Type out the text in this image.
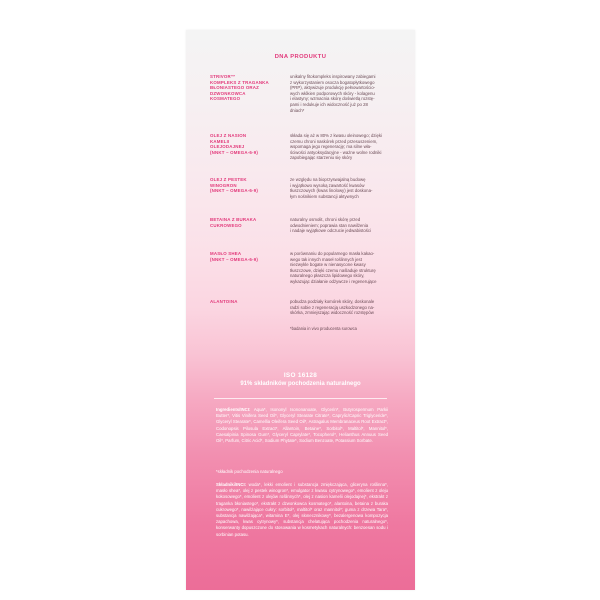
DNA PRODUKTU
STRIVOR™
KOMPLEKS Z TRAGANKA
BŁONIASTEGO ORAZ
DZWONKOWCA
KOSMATEGO
unikalny fitokompleks inspirowany zabiegami
z wykorzystaniem osocza bogatopłytkowego
(PRP), aktywizuje produkcję pełnowartościo-
wych włókien podporowych skóry - kolagenu
i elastyny; wzmacnia skórę doświetlą rozstę-
pami i redukuje ich widoczność już po 28
dniach*
OLEJ Z NASION
KAMELII
OLEJODAJNEJ
(NNKT – OMEGA-6-9)
składa się aż w 80% z kwasu oleinowego; dzięki
czemu chroni naskórek przed przesuszeniem,
wspomaga jego regenerację; ma silne wła-
ściwości antyoksydacyjne - ważne wolne rodniki
zapobiegając starzeniu się skóry
OLEJ Z PESTEK
WINOGRON
(NNKT – OMEGA-6-9)
ze względu na bioprzyswajalną budowę
i wyjątkowo wysoką zawartość kwasów
tłuszczowych (kwas linolowy) jest doskona-
łym nośnikiem substancji aktywnych
BETAINA Z BURAKA
CUKROWEGO
naturalny osmolit, chroni skórę przed
odwodnieniem; poprawia stan nawilżenia
i nadaje wyjątkowe odczucie jedwabistości
MASŁO SHEA
(NNKT – OMEGA-6-9)
w porównaniu do popularnego masła kakao-
wego tak innych maseł roślinnych jest
niezwykle bogate w nienasycone kwasy
tłuszczowe, dzięki czemu naśladuje strukturę
naturalnego płaszcza lipidowego skóry,
wykazując działanie odżywcze i regenerujące
ALANTOINA	pobudza podziały komórek skóry, doskonale
radzi sobie z regeneracją uszkodzonego na-
skórka, zmniejszając widoczność rozstępów
*badania in vivo producenta surowca
ISO 16128
91% składników pochodzenia naturalnego
Ingredients/INCI: Aqua*, Isononyl Isononanoate, Glycerin*, Butyrospermum Parkii Butter*, Vitis Vinifera Seed Oil*, Glyceryl Stearate Citrate*, Caprylic/Capric Triglyceride*, Glyceryl Stearate*, Camellia Oleifera Seed Oil*, Astragalus Membranaceus Root Extract*, Codonopsis Pilosula Extract*, Allantoin, Betaine*, Sorbitol*, Maltitol*, Mannitol*, Caesalpinia Spinosa Gum*, Glyceryl Caprylate*, Tocopherol*, Helianthus Annuus Seed Oil*, Parfum, Citric Acid*, Sodium Phytate*, Sodium Benzoate, Potassium Sorbate.
*składnik pochodzenia naturalnego
Składniki/INCI: woda*, lekki emolient i substancja zmiękczająca, gliceryna roślinna*, masło shea*, olej z pestek winogron*, emulgator z kwasu cytrynowego*, emolient z oleju kokosowego*, emolient z olejów roślinnych*, olej z nasion kamelii olejodajnej*, ekstrakt z traganka błoniastego*, ekstrakt z dzwonkowca kosmatego*, alantoina, betaina z buraka cukrowego*, nawilżające cukry: sorbitol*, maltitol* oraz mannitol*; guma z drzewa Tara*, substancja nawilżająca*, witamina E*, olej słonecznikowy*, bezalergenowa kompozycja zapachowa, kwas cytrynowy*, substancja chelatująca pochodzenia naturalnego*, konserwanty dopuszczone do stosowania w kosmetykach naturalnych: benzoesan sodu i sorbinian potasu.
